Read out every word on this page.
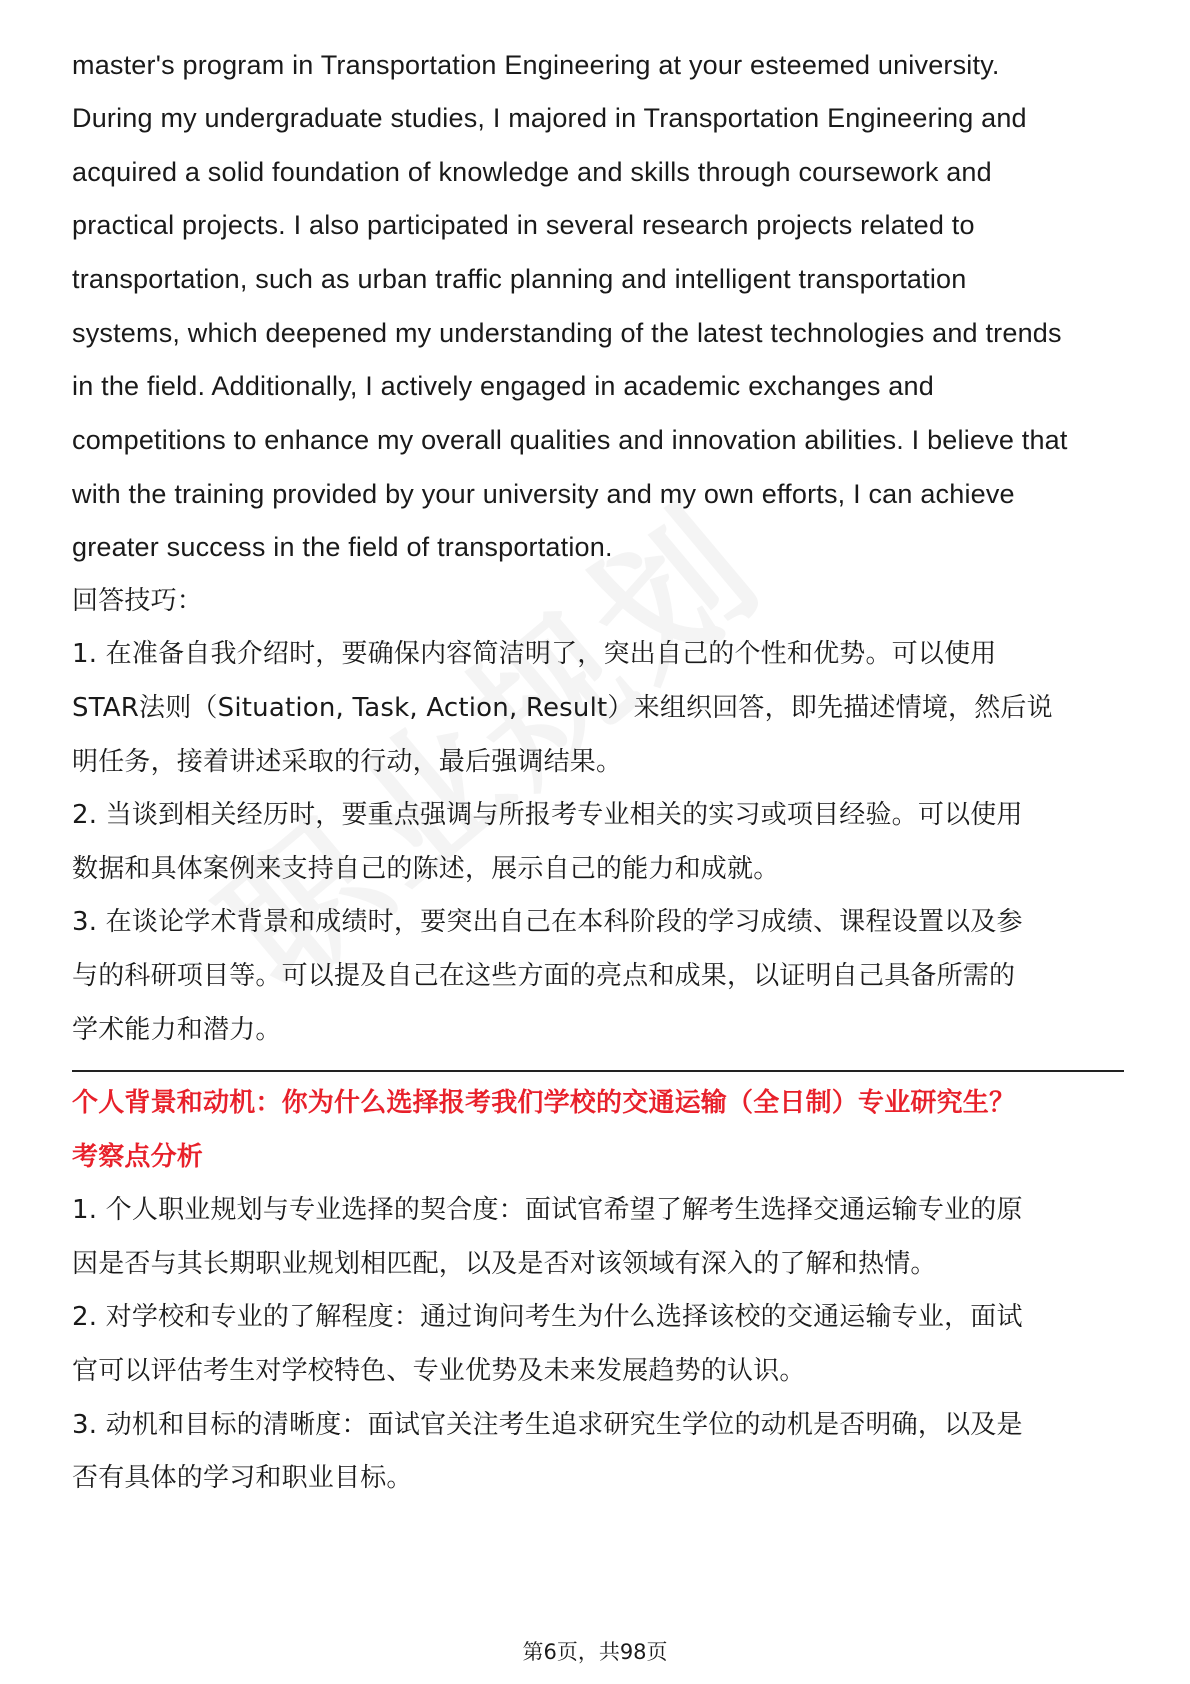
master's program in Transportation Engineering at your esteemed university.
During my undergraduate studies, I majored in Transportation Engineering and
acquired a solid foundation of knowledge and skills through coursework and
practical projects. I also participated in several research projects related to
transportation, such as urban traffic planning and intelligent transportation
systems, which deepened my understanding of the latest technologies and trends
in the field. Additionally, I actively engaged in academic exchanges and
competitions to enhance my overall qualities and innovation abilities. I believe that
with the training provided by your university and my own efforts, I can achieve
greater success in the field of transportation.
回答技巧：
1. 在准备自我介绍时，要确保内容简洁明了，突出自己的个性和优势。可以使用
STAR法则（Situation, Task, Action, Result）来组织回答，即先描述情境，然后说
明任务，接着讲述采取的行动，最后强调结果。
2. 当谈到相关经历时，要重点强调与所报考专业相关的实习或项目经验。可以使用
数据和具体案例来支持自己的陈述，展示自己的能力和成就。
3. 在谈论学术背景和成绩时，要突出自己在本科阶段的学习成绩、课程设置以及参
与的科研项目等。可以提及自己在这些方面的亮点和成果，以证明自己具备所需的
学术能力和潜力。
个人背景和动机：你为什么选择报考我们学校的交通运输（全日制）专业研究生？
考察点分析
1. 个人职业规划与专业选择的契合度：面试官希望了解考生选择交通运输专业的原
因是否与其长期职业规划相匹配，以及是否对该领域有深入的了解和热情。
2. 对学校和专业的了解程度：通过询问考生为什么选择该校的交通运输专业，面试
官可以评估考生对学校特色、专业优势及未来发展趋势的认识。
3. 动机和目标的清晰度：面试官关注考生追求研究生学位的动机是否明确，以及是
否有具体的学习和职业目标。
第6页，共98页
